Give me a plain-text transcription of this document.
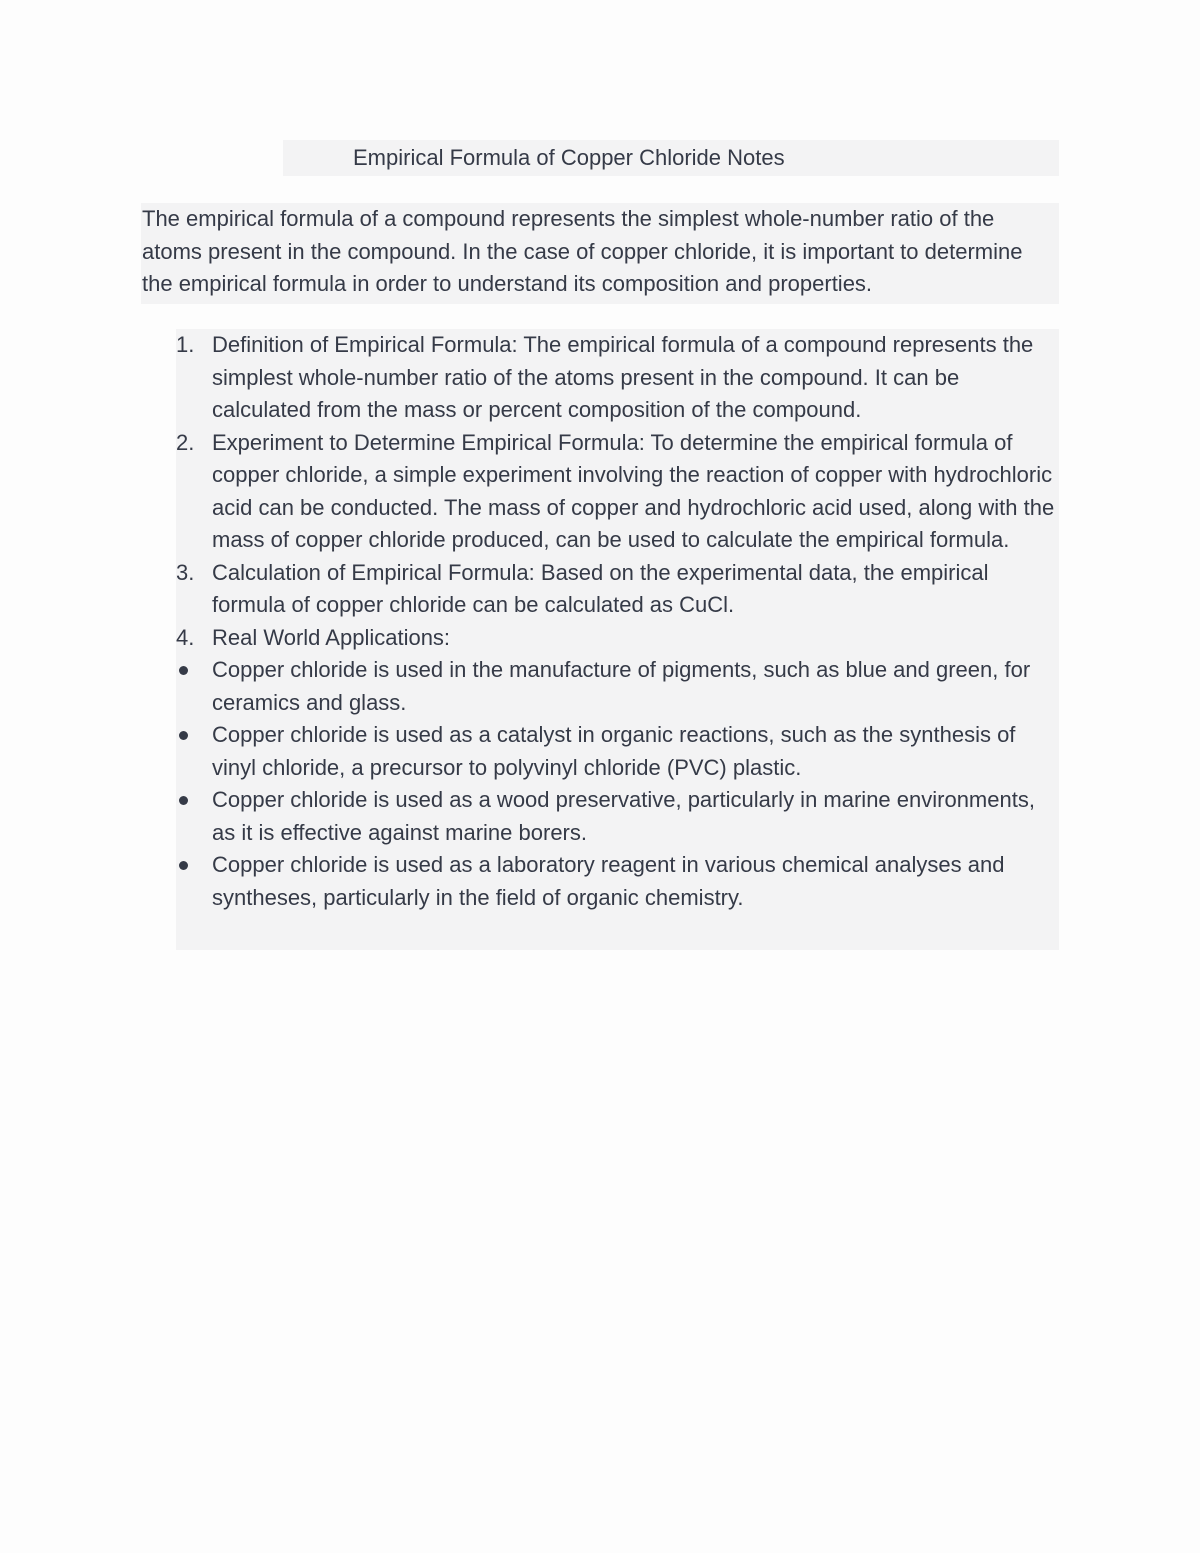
Empirical Formula of Copper Chloride Notes

The empirical formula of a compound represents the simplest whole-number ratio of the atoms present in the compound. In the case of copper chloride, it is important to determine the empirical formula in order to understand its composition and properties.

1. Definition of Empirical Formula: The empirical formula of a compound represents the simplest whole-number ratio of the atoms present in the compound. It can be calculated from the mass or percent composition of the compound.
2. Experiment to Determine Empirical Formula: To determine the empirical formula of copper chloride, a simple experiment involving the reaction of copper with hydrochloric acid can be conducted. The mass of copper and hydrochloric acid used, along with the mass of copper chloride produced, can be used to calculate the empirical formula.
3. Calculation of Empirical Formula: Based on the experimental data, the empirical formula of copper chloride can be calculated as CuCl.
4. Real World Applications:
Copper chloride is used in the manufacture of pigments, such as blue and green, for ceramics and glass.
Copper chloride is used as a catalyst in organic reactions, such as the synthesis of vinyl chloride, a precursor to polyvinyl chloride (PVC) plastic.
Copper chloride is used as a wood preservative, particularly in marine environments, as it is effective against marine borers.
Copper chloride is used as a laboratory reagent in various chemical analyses and syntheses, particularly in the field of organic chemistry.
